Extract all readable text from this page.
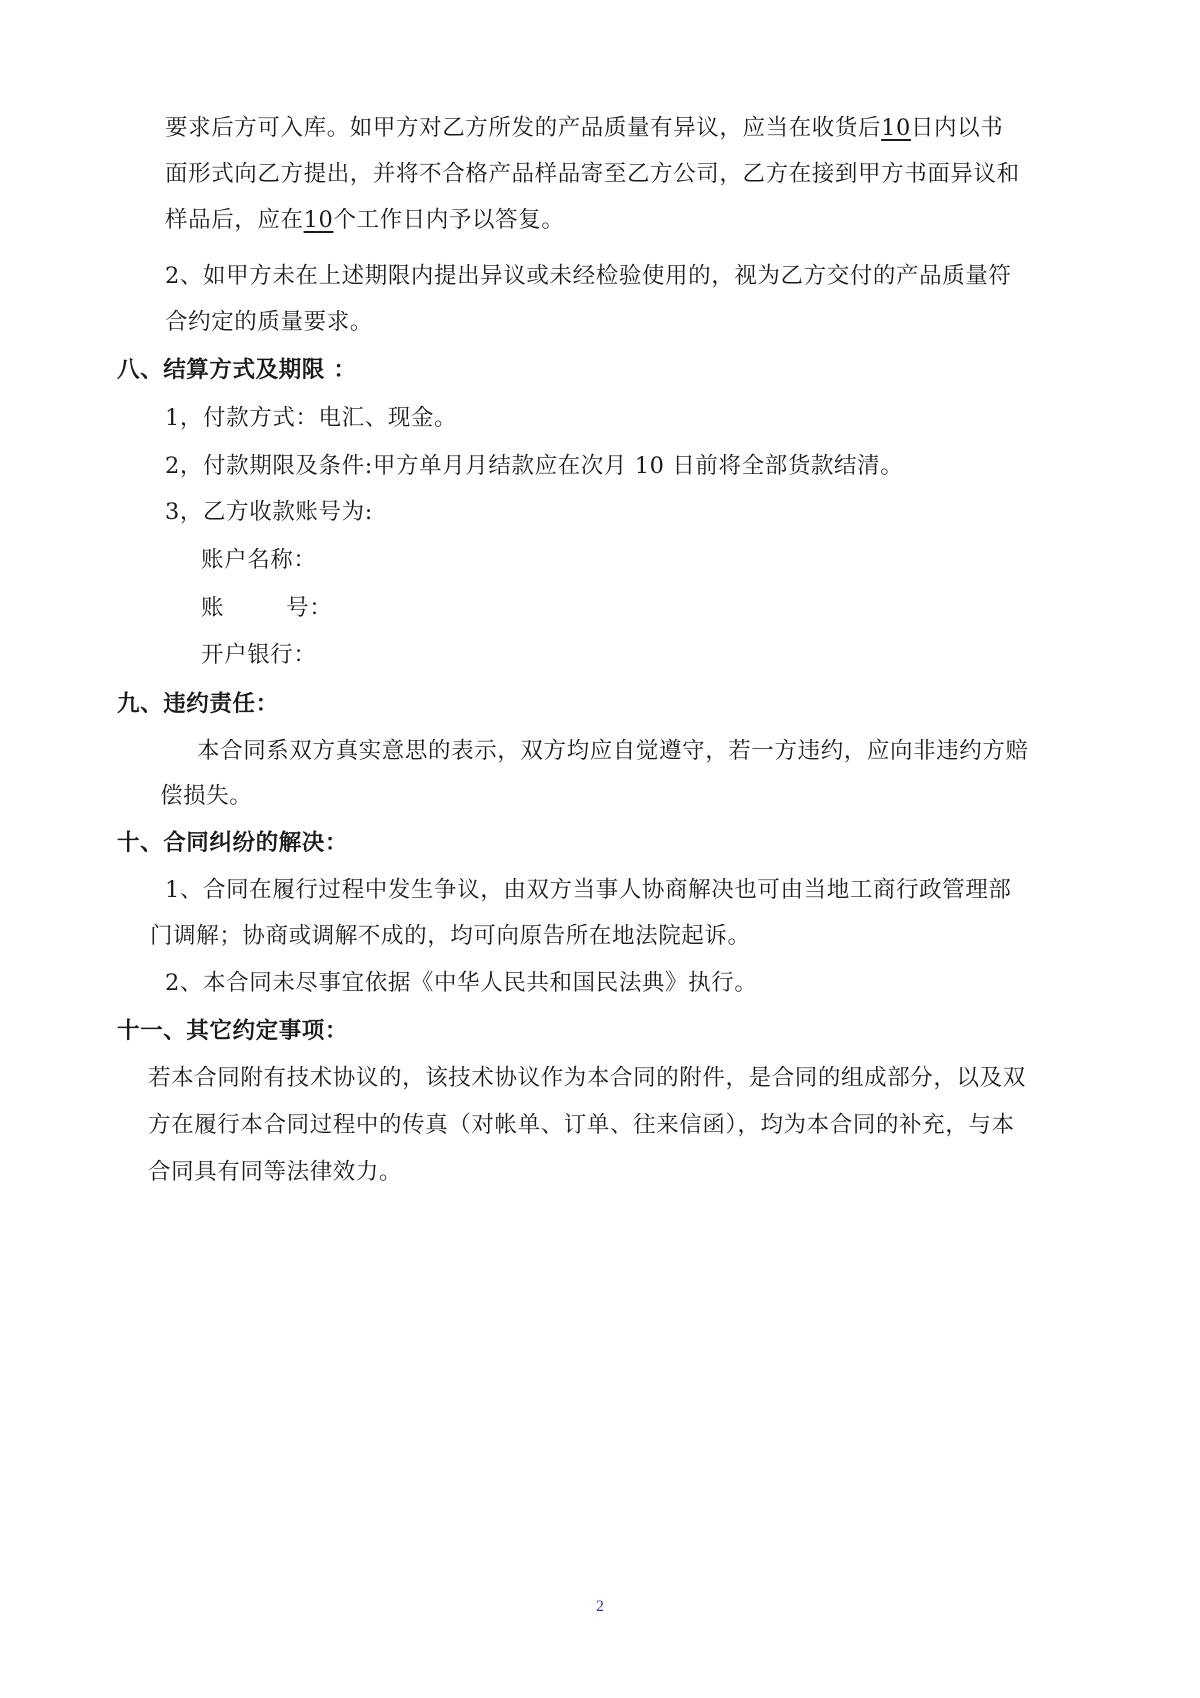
要求后方可入库。如甲方对乙方所发的产品质量有异议，应当在收货后10日内以书
面形式向乙方提出，并将不合格产品样品寄至乙方公司，乙方在接到甲方书面异议和
样品后，应在10个工作日内予以答复。
2、如甲方未在上述期限内提出异议或未经检验使用的，视为乙方交付的产品质量符
合约定的质量要求。
八、结算方式及期限 ：
1，付款方式：电汇、现金。
2，付款期限及条件:甲方单月月结款应在次月 10 日前将全部货款结清。
3，乙方收款账号为:
账户名称：
账        号：
开户银行：
九、违约责任：
本合同系双方真实意思的表示，双方均应自觉遵守，若一方违约，应向非违约方赔
偿损失。
十、合同纠纷的解决：
1、合同在履行过程中发生争议，由双方当事人协商解决也可由当地工商行政管理部
门调解；协商或调解不成的，均可向原告所在地法院起诉。
2、本合同未尽事宜依据《中华人民共和国民法典》执行。
十一、其它约定事项：
若本合同附有技术协议的，该技术协议作为本合同的附件，是合同的组成部分，以及双
方在履行本合同过程中的传真（对帐单、订单、往来信函），均为本合同的补充，与本
合同具有同等法律效力。
2
